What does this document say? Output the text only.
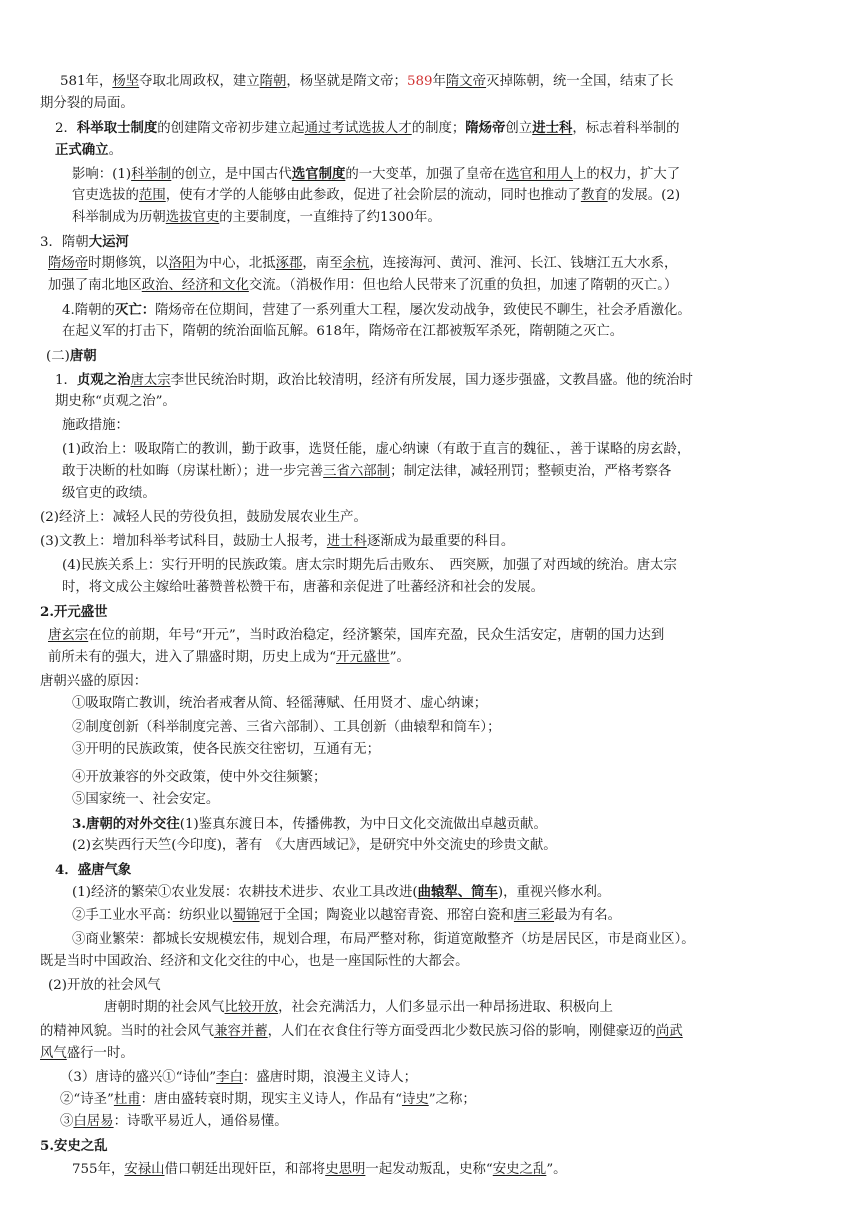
581年，杨坚夺取北周政权，建立隋朝，杨坚就是隋文帝；589年隋文帝灭掉陈朝，统一全国，结束了长
期分裂的局面。
2．科举取士制度的创建隋文帝初步建立起通过考试选拔人才的制度；隋炀帝创立进士科，标志着科举制的
正式确立。
影响：(1)科举制的创立，是中国古代选官制度的一大变革，加强了皇帝在选官和用人上的权力，扩大了
官吏选拔的范围，使有才学的人能够由此参政，促进了社会阶层的流动，同时也推动了教育的发展。(2)
科举制成为历朝选拔官吏的主要制度，一直维持了约1300年。
3．隋朝大运河
隋炀帝时期修筑，以洛阳为中心，北抵涿郡，南至余杭，连接海河、黄河、淮河、长江、钱塘江五大水系，
加强了南北地区政治、经济和文化交流。（消极作用：但也给人民带来了沉重的负担，加速了隋朝的灭亡。）
4.隋朝的灭亡：隋炀帝在位期间，营建了一系列重大工程，屡次发动战争，致使民不聊生，社会矛盾激化。
在起义军的打击下，隋朝的统治面临瓦解。618年，隋炀帝在江都被叛军杀死，隋朝随之灭亡。
(二)唐朝
1．贞观之治唐太宗李世民统治时期，政治比较清明，经济有所发展，国力逐步强盛，文教昌盛。他的统治时
期史称“贞观之治”。
施政措施：
(1)政治上：吸取隋亡的教训，勤于政事，选贤任能，虚心纳谏（有敢于直言的魏征、，善于谋略的房玄龄，
敢于决断的杜如晦（房谋杜断）；进一步完善三省六部制；制定法律，减轻刑罚；整顿吏治，严格考察各
级官吏的政绩。
(2)经济上：减轻人民的劳役负担，鼓励发展农业生产。
(3)文教上：增加科举考试科目，鼓励士人报考，进士科逐渐成为最重要的科目。
(4)民族关系上：实行开明的民族政策。唐太宗时期先后击败东、　西突厥，加强了对西域的统治。唐太宗
时，将文成公主嫁给吐蕃赞普松赞干布，唐蕃和亲促进了吐蕃经济和社会的发展。
2.开元盛世
唐玄宗在位的前期，年号“开元”，当时政治稳定，经济繁荣，国库充盈，民众生活安定，唐朝的国力达到
前所未有的强大，进入了鼎盛时期，历史上成为“开元盛世”。
唐朝兴盛的原因：
①吸取隋亡教训，统治者戒奢从简、轻徭薄赋、任用贤才、虚心纳谏；
②制度创新（科举制度完善、三省六部制）、工具创新（曲辕犁和筒车）；
③开明的民族政策，使各民族交往密切，互通有无；
④开放兼容的外交政策，使中外交往频繁；
⑤国家统一、社会安定。
3.唐朝的对外交往(1)鉴真东渡日本，传播佛教，为中日文化交流做出卓越贡献。
(2)玄奘西行天竺(今印度)，著有　《大唐西域记》，是研究中外交流史的珍贵文献。
4．盛唐气象
(1)经济的繁荣①农业发展：农耕技术进步、农业工具改进(曲辕犁、筒车)，重视兴修水利。
②手工业水平高：纺织业以蜀锦冠于全国；陶瓷业以越窑青瓷、邢窑白瓷和唐三彩最为有名。
③商业繁荣：都城长安规模宏伟，规划合理，布局严整对称，街道宽敞整齐（坊是居民区，市是商业区）。
既是当时中国政治、经济和文化交往的中心，也是一座国际性的大都会。
(2)开放的社会风气
唐朝时期的社会风气比较开放，社会充满活力，人们多显示出一种昂扬进取、积极向上
的精神风貌。当时的社会风气兼容并蓄，人们在衣食住行等方面受西北少数民族习俗的影响，刚健豪迈的尚武
风气盛行一时。
（3）唐诗的盛兴①“诗仙”李白：盛唐时期，浪漫主义诗人；
②“诗圣”杜甫：唐由盛转衰时期，现实主义诗人，作品有“诗史”之称；
③白居易：诗歌平易近人，通俗易懂。
5.安史之乱
755年，安禄山借口朝廷出现奸臣，和部将史思明一起发动叛乱，史称“安史之乱”。
